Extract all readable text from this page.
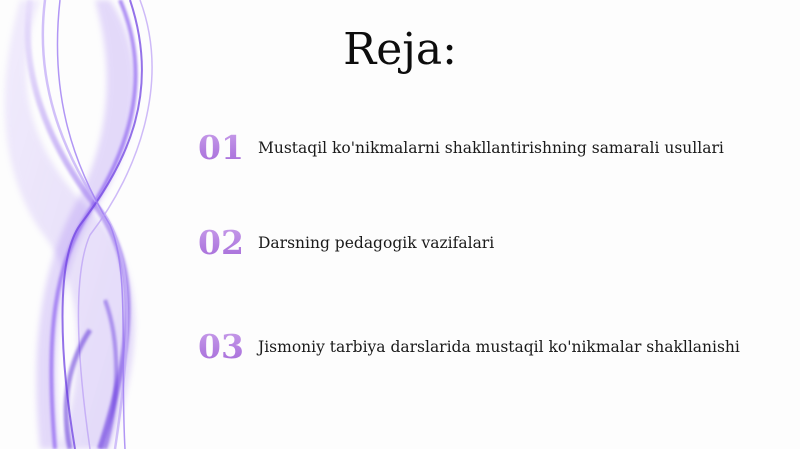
Reja:
01 Mustaqil ko'nikmalarni shakllantirishning samarali usullari
02 Darsning pedagogik vazifalari
03 Jismoniy tarbiya darslarida mustaqil ko'nikmalar shakllanishi
